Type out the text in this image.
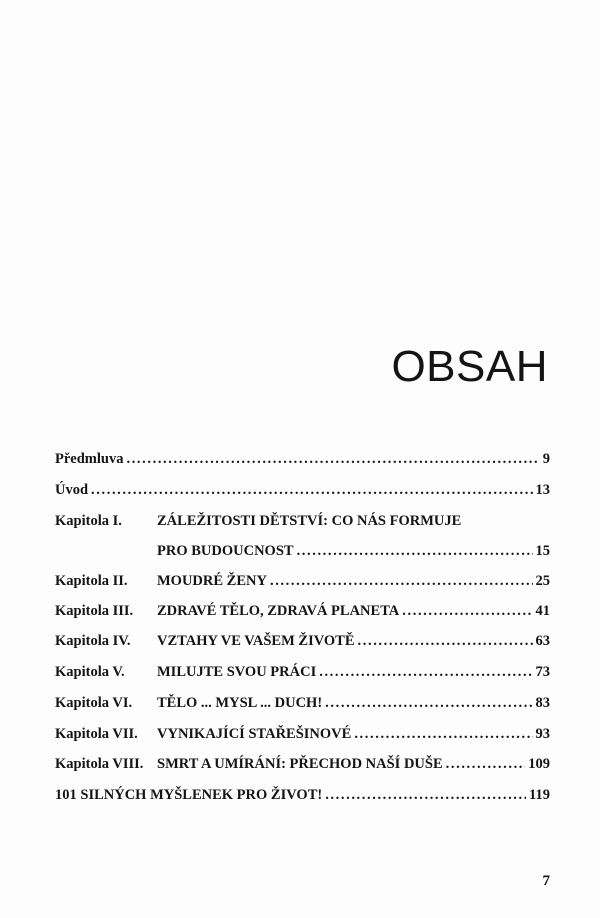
OBSAH
Předmluva .....	9
Úvod .....	13
Kapitola I. ZÁLEŽITOSTI DĚTSTVÍ: CO NÁS FORMUJE
PRO BUDOUCNOST .....	15
Kapitola II. MOUDRÉ ŽENY .....	25
Kapitola III. ZDRAVÉ TĚLO, ZDRAVÁ PLANETA .....	41
Kapitola IV. VZTAHY VE VAŠEM ŽIVOTĚ .....	63
Kapitola V. MILUJTE SVOU PRÁCI .....	73
Kapitola VI. TĚLO ... MYSL ... DUCH! .....	83
Kapitola VII. VYNIKAJÍCÍ STAŘEŠINOVÉ .....	93
Kapitola VIII. SMRT A UMÍRÁNÍ: PŘECHOD NAŠÍ DUŠE .....	109
101 SILNÝCH MYŠLENEK PRO ŽIVOT! .....	119
7
